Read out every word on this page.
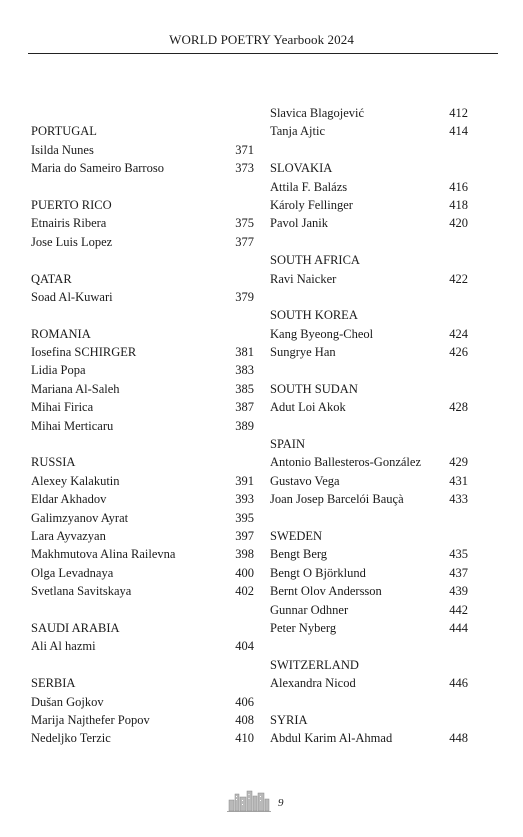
WORLD POETRY Yearbook 2024
PORTUGAL
Isilda Nunes	371
Maria do Sameiro Barroso	373
PUERTO RICO
Etnairis Ribera	375
Jose Luis Lopez	377
QATAR
Soad Al-Kuwari	379
ROMANIA
Iosefina SCHIRGER	381
Lidia Popa	383
Mariana Al-Saleh	385
Mihai Firica	387
Mihai Merticaru	389
RUSSIA
Alexey Kalakutin	391
Eldar Akhadov	393
Galimzyanov Ayrat	395
Lara Ayvazyan	397
Makhmutova Alina Railevna	398
Olga Levadnaya	400
Svetlana Savitskaya	402
SAUDI ARABIA
Ali Al hazmi	404
SERBIA
Dušan Gojkov	406
Marija Najthefer Popov	408
Nedeljko Terzic	410
Slavica Blagojević	412
Tanja Ajtic	414
SLOVAKIA
Attila F. Balázs	416
Károly Fellinger	418
Pavol Janik	420
SOUTH AFRICA
Ravi Naicker	422
SOUTH KOREA
Kang Byeong-Cheol	424
Sungrye Han	426
SOUTH SUDAN
Adut Loi Akok	428
SPAIN
Antonio Ballesteros-González 429
Gustavo Vega	431
Joan Josep Barcelói Bauçà	433
SWEDEN
Bengt Berg	435
Bengt O Björklund	437
Bernt Olov Andersson	439
Gunnar Odhner	442
Peter Nyberg	444
SWITZERLAND
Alexandra Nicod	446
SYRIA
Abdul Karim Al-Ahmad	448
9
